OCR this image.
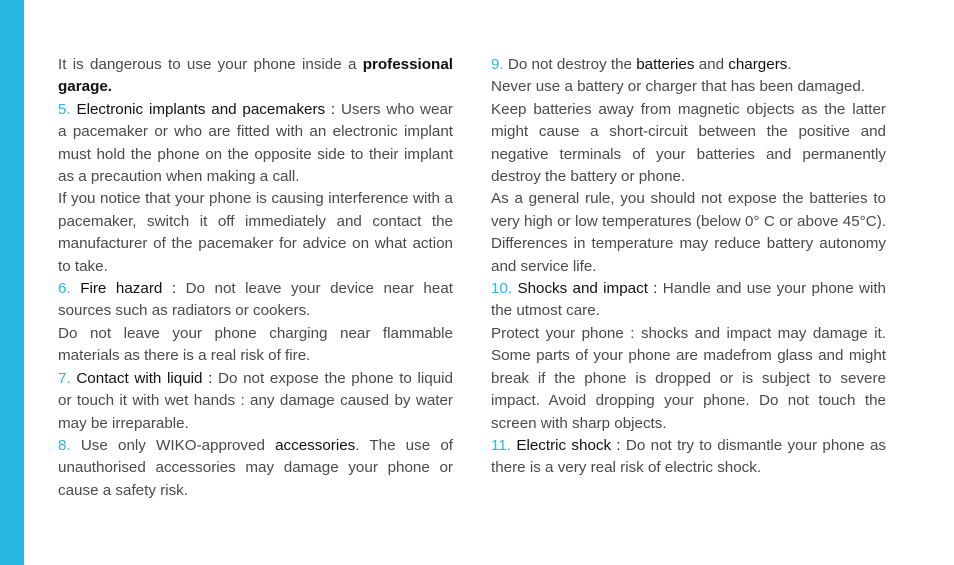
It is dangerous to use your phone inside a professional garage.

5. Electronic implants and pacemakers : Users who wear a pacemaker or who are fitted with an electronic implant must hold the phone on the opposite side to their implant as a precaution when making a call.

If you notice that your phone is causing interference with a pacemaker, switch it off immediately and contact the manufacturer of the pacemaker for advice on what action to take.

6. Fire hazard : Do not leave your device near heat sources such as radiators or cookers.

Do not leave your phone charging near flammable materials as there is a real risk of fire.

7. Contact with liquid : Do not expose the phone to liquid or touch it with wet hands : any damage caused by water may be irreparable.

8. Use only WIKO-approved accessories. The use of unauthorised accessories may damage your phone or cause a safety risk.

9. Do not destroy the batteries and chargers.

Never use a battery or charger that has been damaged.

Keep batteries away from magnetic objects as the latter might cause a short-circuit between the positive and negative terminals of your batteries and permanently destroy the battery or phone.

As a general rule, you should not expose the batteries to very high or low temperatures (below 0° C or above 45°C). Differences in temperature may reduce battery autonomy and service life.

10. Shocks and impact : Handle and use your phone with the utmost care.

Protect your phone : shocks and impact may damage it. Some parts of your phone are madefrom glass and might break if the phone is dropped or is subject to severe impact. Avoid dropping your phone. Do not touch the screen with sharp objects.

11. Electric shock : Do not try to dismantle your phone as there is a very real risk of electric shock.
